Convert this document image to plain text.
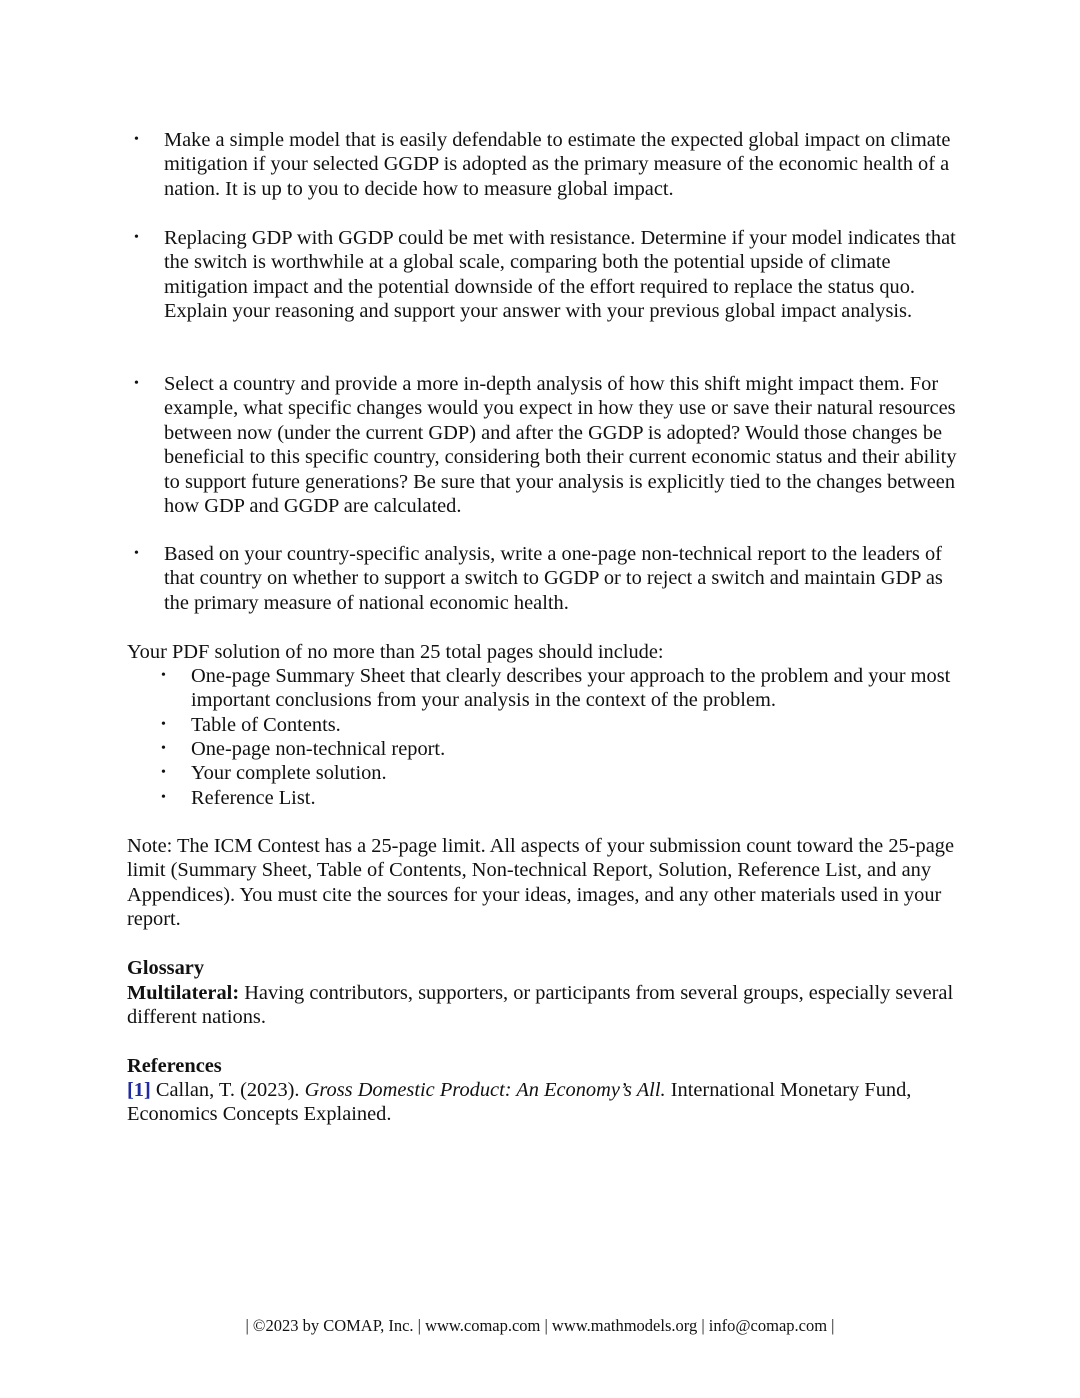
• Make a simple model that is easily defendable to estimate the expected global impact on climate mitigation if your selected GGDP is adopted as the primary measure of the economic health of a nation. It is up to you to decide how to measure global impact.
• Replacing GDP with GGDP could be met with resistance. Determine if your model indicates that the switch is worthwhile at a global scale, comparing both the potential upside of climate mitigation impact and the potential downside of the effort required to replace the status quo. Explain your reasoning and support your answer with your previous global impact analysis.
• Select a country and provide a more in-depth analysis of how this shift might impact them. For example, what specific changes would you expect in how they use or save their natural resources between now (under the current GDP) and after the GGDP is adopted? Would those changes be beneficial to this specific country, considering both their current economic status and their ability to support future generations? Be sure that your analysis is explicitly tied to the changes between how GDP and GGDP are calculated.
• Based on your country-specific analysis, write a one-page non-technical report to the leaders of that country on whether to support a switch to GGDP or to reject a switch and maintain GDP as the primary measure of national economic health.
Your PDF solution of no more than 25 total pages should include:
• One-page Summary Sheet that clearly describes your approach to the problem and your most important conclusions from your analysis in the context of the problem.
• Table of Contents.
• One-page non-technical report.
• Your complete solution.
• Reference List.
Note: The ICM Contest has a 25-page limit. All aspects of your submission count toward the 25-page limit (Summary Sheet, Table of Contents, Non-technical Report, Solution, Reference List, and any Appendices). You must cite the sources for your ideas, images, and any other materials used in your report.
Glossary
Multilateral: Having contributors, supporters, or participants from several groups, especially several different nations.
References
[1] Callan, T. (2023). Gross Domestic Product: An Economy’s All. International Monetary Fund, Economics Concepts Explained.
| ©2023 by COMAP, Inc. | www.comap.com | www.mathmodels.org | info@comap.com |
